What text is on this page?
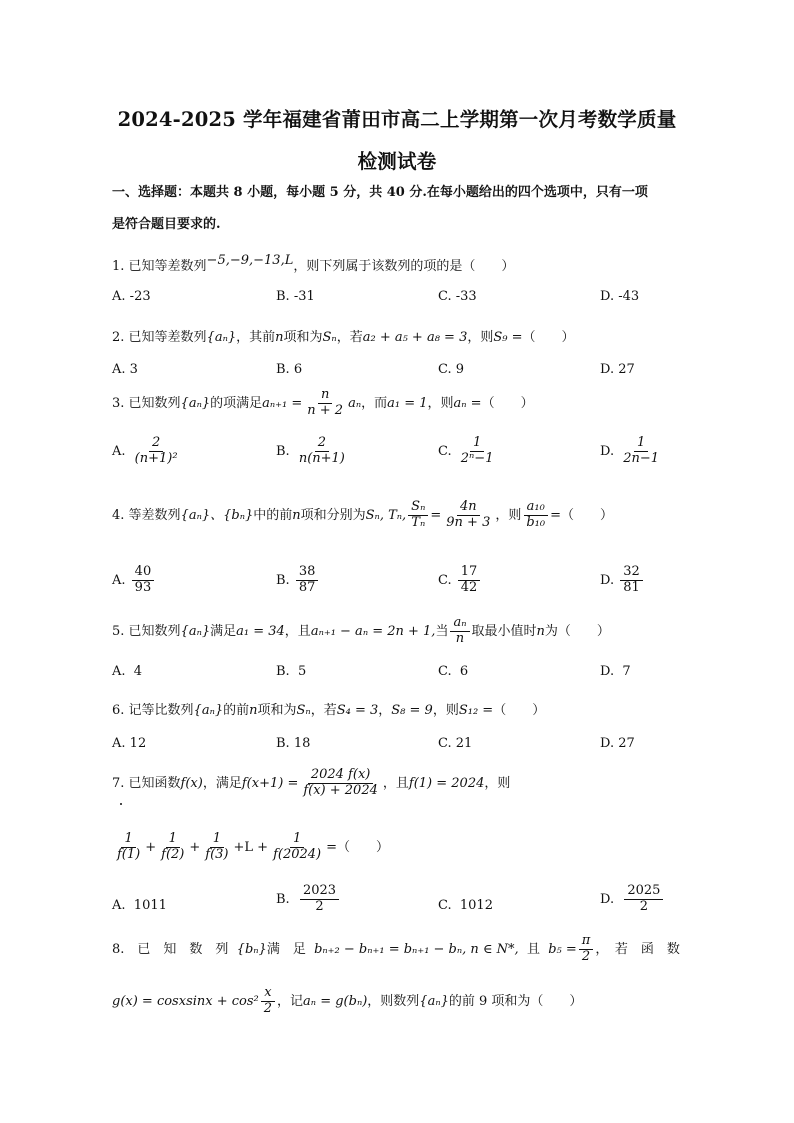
2024-2025 学年福建省莆田市高二上学期第一次月考数学质量
检测试卷
一、选择题：本题共 8 小题，每小题 5 分，共 40 分.在每小题给出的四个选项中，只有一项
是符合题目要求的.
1. 已知等差数列−5,−9,−13,L，则下列属于该数列的项的是（　　）
A. -23	B. -31	C. -33	D. -43
2. 已知等差数列{aₙ}，其前n项和为Sₙ，若a₂ + a₅ + a₈ = 3，则S₉ =（　　）
A. 3	B. 6	C. 9	D. 27
3. 已知数列{aₙ}的项满足$a_{n+1} = \frac{n}{n + 2}$ aₙ，而a₁ = 1，则aₙ =（　　）
A. $\frac{2}{\text{(n+1)²}}$	B. $\frac{2}{n(n+1)}$	C. $\frac{1}{\text{2ⁿ−1}}$	D. $\frac{1}{2n-1}$
4. 等差数列{aₙ}、{bₙ}中的前n项和分别为Sₙ, Tₙ, $\frac{\text{Sₙ}}{\text{Tₙ}} = \frac{4n}{9n + 3}$ ，则 $\frac{\text{a₁₀}}{\text{b₁₀}}$ =（　　）
A. $\frac{40}{93}$	B. $\frac{38}{87}$	C. $\frac{17}{42}$	D. $\frac{32}{81}$
5. 已知数列{aₙ}满足a₁ = 34，且aₙ₊₁ − aₙ = 2n + 1,当 $\frac{\text{aₙ}}{n}$ 取最小值时n为（　　）
A. 4	B. 5	C. 6	D. 7
6. 记等比数列{aₙ}的前n项和为Sₙ，若S₄ = 3，S₈ = 9，则S₁₂ =（　　）
A. 12	B. 18	C. 21	D. 27
7. 已知函数f(x)，满足$f(x+1) = \frac{2024 f(x)}{f(x) + 2024}$ ，且f(1) = 2024，则
$\frac{1}{f(1)} + \frac{1}{f(2)} + \frac{1}{f(3)} +L + \frac{1}{f(2024)}$ =（　　）
A. 1011	B. $\frac{2023}{2}$	C. 1012	D. $\frac{2025}{2}$
8.　已　知　数　列 {bₙ}满　足 bₙ₊₂ − bₙ₊₁ = bₙ₊₁ − bₙ, n ∈ N*, 且 $b_5 = \frac{\pi}{2}$ ，　若　函　数
g(x) = cosxsinx + $\cos^2 \frac{x}{2}$ ，记aₙ = g(bₙ)，则数列{aₙ}的前 9 项和为（　　）
